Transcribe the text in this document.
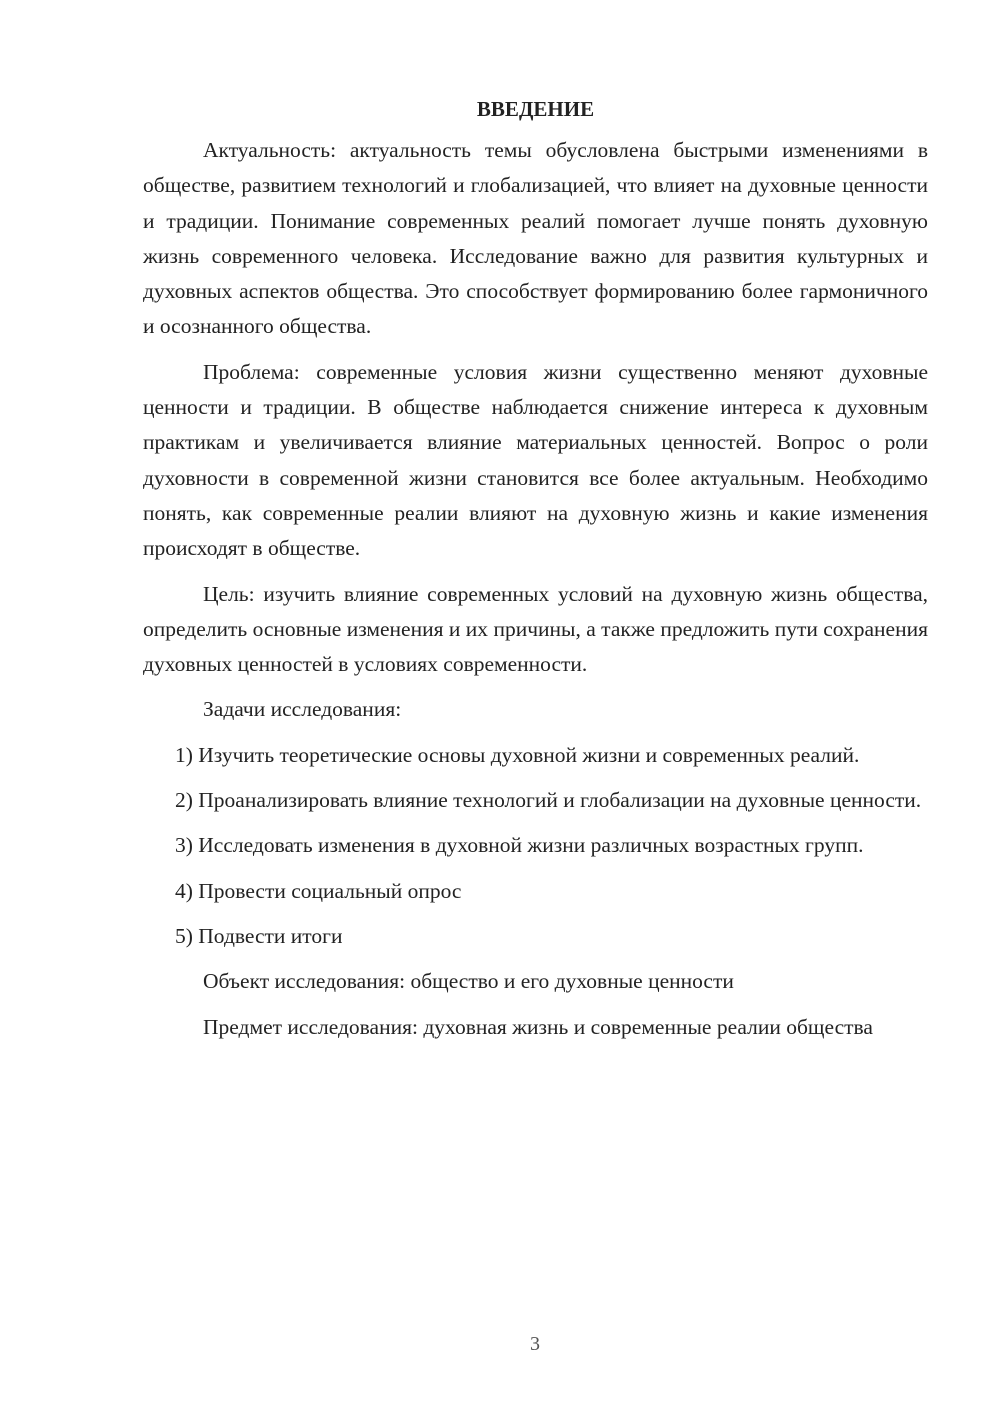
ВВЕДЕНИЕ

Актуальность: актуальность темы обусловлена быстрыми изменениями в обществе, развитием технологий и глобализацией, что влияет на духовные ценности и традиции. Понимание современных реалий помогает лучше понять духовную жизнь современного человека. Исследование важно для развития культурных и духовных аспектов общества. Это способствует формированию более гармоничного и осознанного общества.

Проблема: современные условия жизни существенно меняют духовные ценности и традиции. В обществе наблюдается снижение интереса к духовным практикам и увеличивается влияние материальных ценностей. Вопрос о роли духовности в современной жизни становится все более актуальным. Необходимо понять, как современные реалии влияют на духовную жизнь и какие изменения происходят в обществе.

Цель: изучить влияние современных условий на духовную жизнь общества, определить основные изменения и их причины, а также предложить пути сохранения духовных ценностей в условиях современности.

Задачи исследования:

1) Изучить теоретические основы духовной жизни и современных реалий.

2) Проанализировать влияние технологий и глобализации на духовные ценности.

3) Исследовать изменения в духовной жизни различных возрастных групп.

4) Провести социальный опрос

5) Подвести итоги

Объект исследования: общество и его духовные ценности

Предмет исследования: духовная жизнь и современные реалии общества

3
